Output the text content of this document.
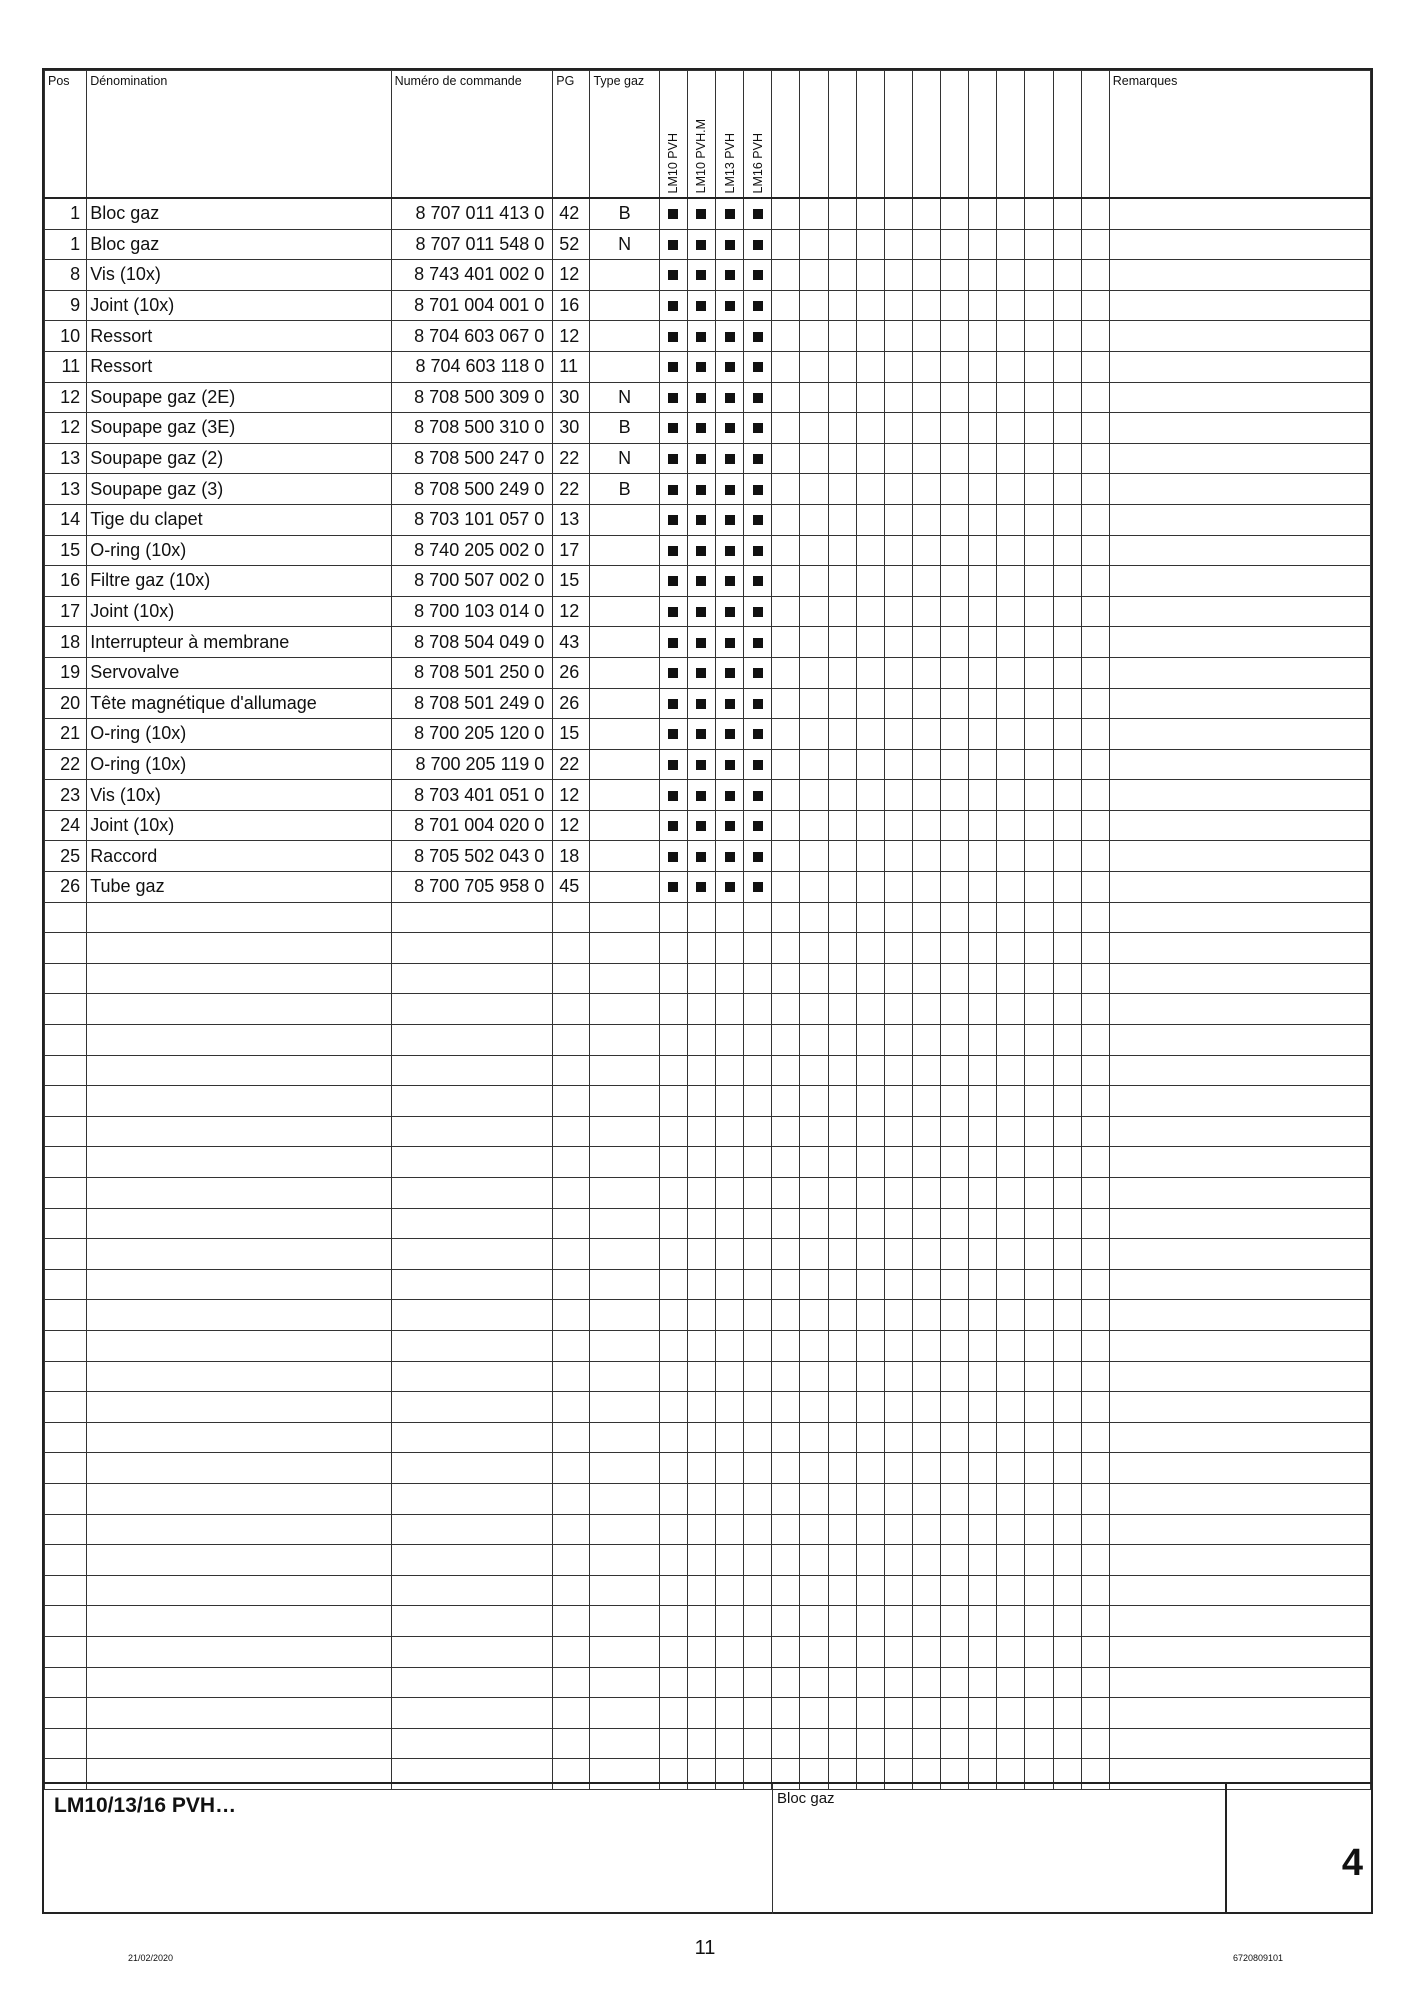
Pos	Dénomination	Numéro de commande	PG	Type gaz	LM10 PVH	LM10 PVH.M	LM13 PVH	LM16 PVH													Remarques

1	Bloc gaz	8 707 011 413 0	42	B																	
1	Bloc gaz	8 707 011 548 0	52	N																	
8	Vis (10x)	8 743 401 002 0	12																		
9	Joint (10x)	8 701 004 001 0	16																		
10	Ressort	8 704 603 067 0	12																		
11	Ressort	8 704 603 118 0	11																		
12	Soupape gaz (2E)	8 708 500 309 0	30	N																	
12	Soupape gaz (3E)	8 708 500 310 0	30	B																	
13	Soupape gaz (2)	8 708 500 247 0	22	N																	
13	Soupape gaz (3)	8 708 500 249 0	22	B																	
14	Tige du clapet	8 703 101 057 0	13																		
15	O-ring (10x)	8 740 205 002 0	17																		
16	Filtre gaz (10x)	8 700 507 002 0	15																		
17	Joint (10x)	8 700 103 014 0	12																		
18	Interrupteur à membrane	8 708 504 049 0	43																		
19	Servovalve	8 708 501 250 0	26																		
20	Tête magnétique d'allumage	8 708 501 249 0	26																		
21	O-ring (10x)	8 700 205 120 0	15																		
22	O-ring (10x)	8 700 205 119 0	22																		
23	Vis (10x)	8 703 401 051 0	12																		
24	Joint (10x)	8 701 004 020 0	12																		
25	Raccord	8 705 502 043 0	18																		
26	Tube gaz	8 700 705 958 0	45																		

LM10/13/16 PVH…	Bloc gaz
4
21/02/2020	11	6720809101
